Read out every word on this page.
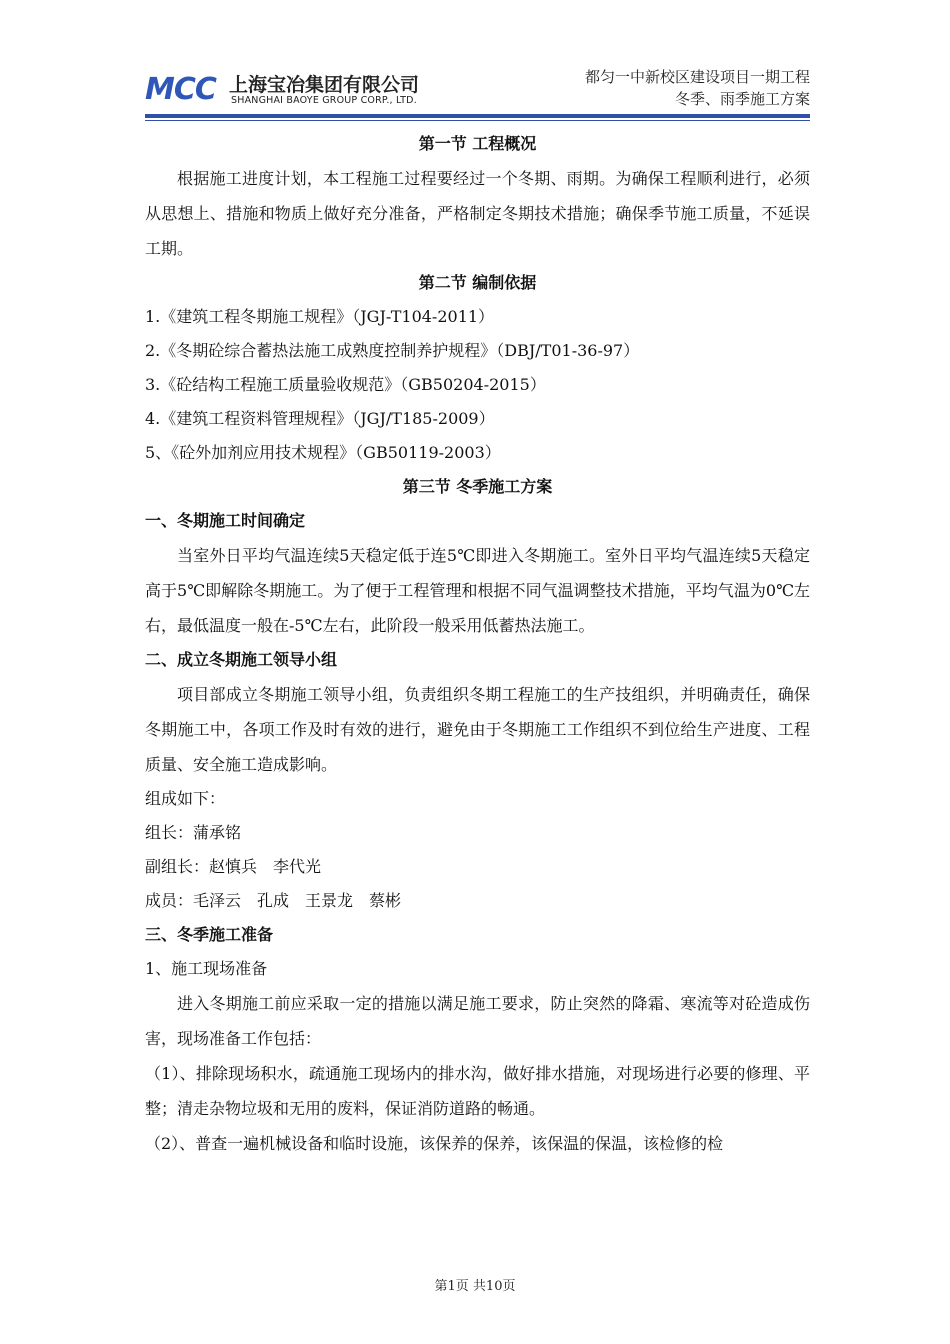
MCC 上海宝冶集团有限公司
SHANGHAI BAOYE GROUP CORP., LTD.
都匀一中新校区建设项目一期工程
冬季、雨季施工方案
第一节 工程概况

根据施工进度计划，本工程施工过程要经过一个冬期、雨期。为确保工程顺利进行，必须从思想上、措施和物质上做好充分准备，严格制定冬期技术措施；确保季节施工质量，不延误工期。

第二节 编制依据

1.《建筑工程冬期施工规程》（JGJ-T104-2011）

2.《冬期砼综合蓄热法施工成熟度控制养护规程》（DBJ/T01-36-97）

3.《砼结构工程施工质量验收规范》（GB50204-2015）

4.《建筑工程资料管理规程》（JGJ/T185-2009）

5、《砼外加剂应用技术规程》（GB50119-2003）

第三节 冬季施工方案
一、冬期施工时间确定

当室外日平均气温连续5天稳定低于连5℃即进入冬期施工。室外日平均气温连续5天稳定高于5℃即解除冬期施工。为了便于工程管理和根据不同气温调整技术措施，平均气温为0℃左右，最低温度一般在-5℃左右，此阶段一般采用低蓄热法施工。

二、成立冬期施工领导小组

项目部成立冬期施工领导小组，负责组织冬期工程施工的生产技组织，并明确责任，确保冬期施工中，各项工作及时有效的进行，避免由于冬期施工工作组织不到位给生产进度、工程质量、安全施工造成影响。

组成如下：

组长：蒲承铭

副组长：赵慎兵　李代光

成员：毛泽云　孔成　王景龙　蔡彬

三、冬季施工准备

1、施工现场准备

进入冬期施工前应采取一定的措施以满足施工要求，防止突然的降霜、寒流等对砼造成伤害，现场准备工作包括：

（1）、排除现场积水，疏通施工现场内的排水沟，做好排水措施，对现场进行必要的修理、平整；清走杂物垃圾和无用的废料，保证消防道路的畅通。

（2）、普查一遍机械设备和临时设施，该保养的保养，该保温的保温，该检修的检

第1页 共10页
